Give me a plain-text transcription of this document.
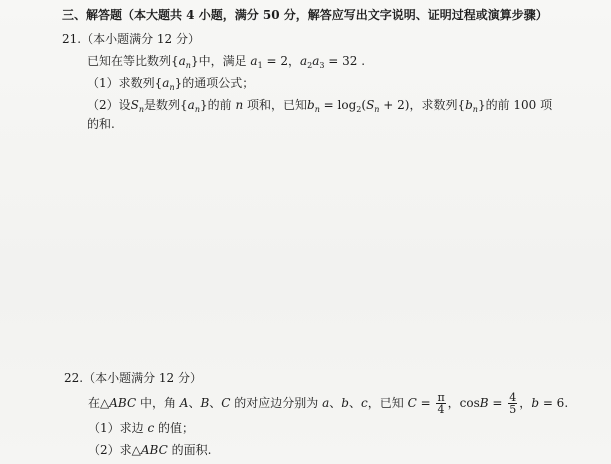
三、解答题（本大题共 4 小题，满分 50 分，解答应写出文字说明、证明过程或演算步骤）
21.（本小题满分 12 分）
已知在等比数列$\{a_n\}$中，满足 $a_1 = 2$，$a_2a_3 = 32$ .
（1）求数列$\{a_n\}$的通项公式；
（2）设$S_n$是数列$\{a_n\}$的前 n 项和，已知$b_n = \log_2(S_n + 2)$，求数列$\{b_n\}$的前 100 项
的和.
22.（本小题满分 12 分）
在△ABC 中，角 A、B、C 的对应边分别为 a、b、c，已知 $C = \frac{\pi}{4}$ ，$\cos B = \frac{4}{5}$ ，b = 6.
（1）求边 c 的值；
（2）求△ABC 的面积.
